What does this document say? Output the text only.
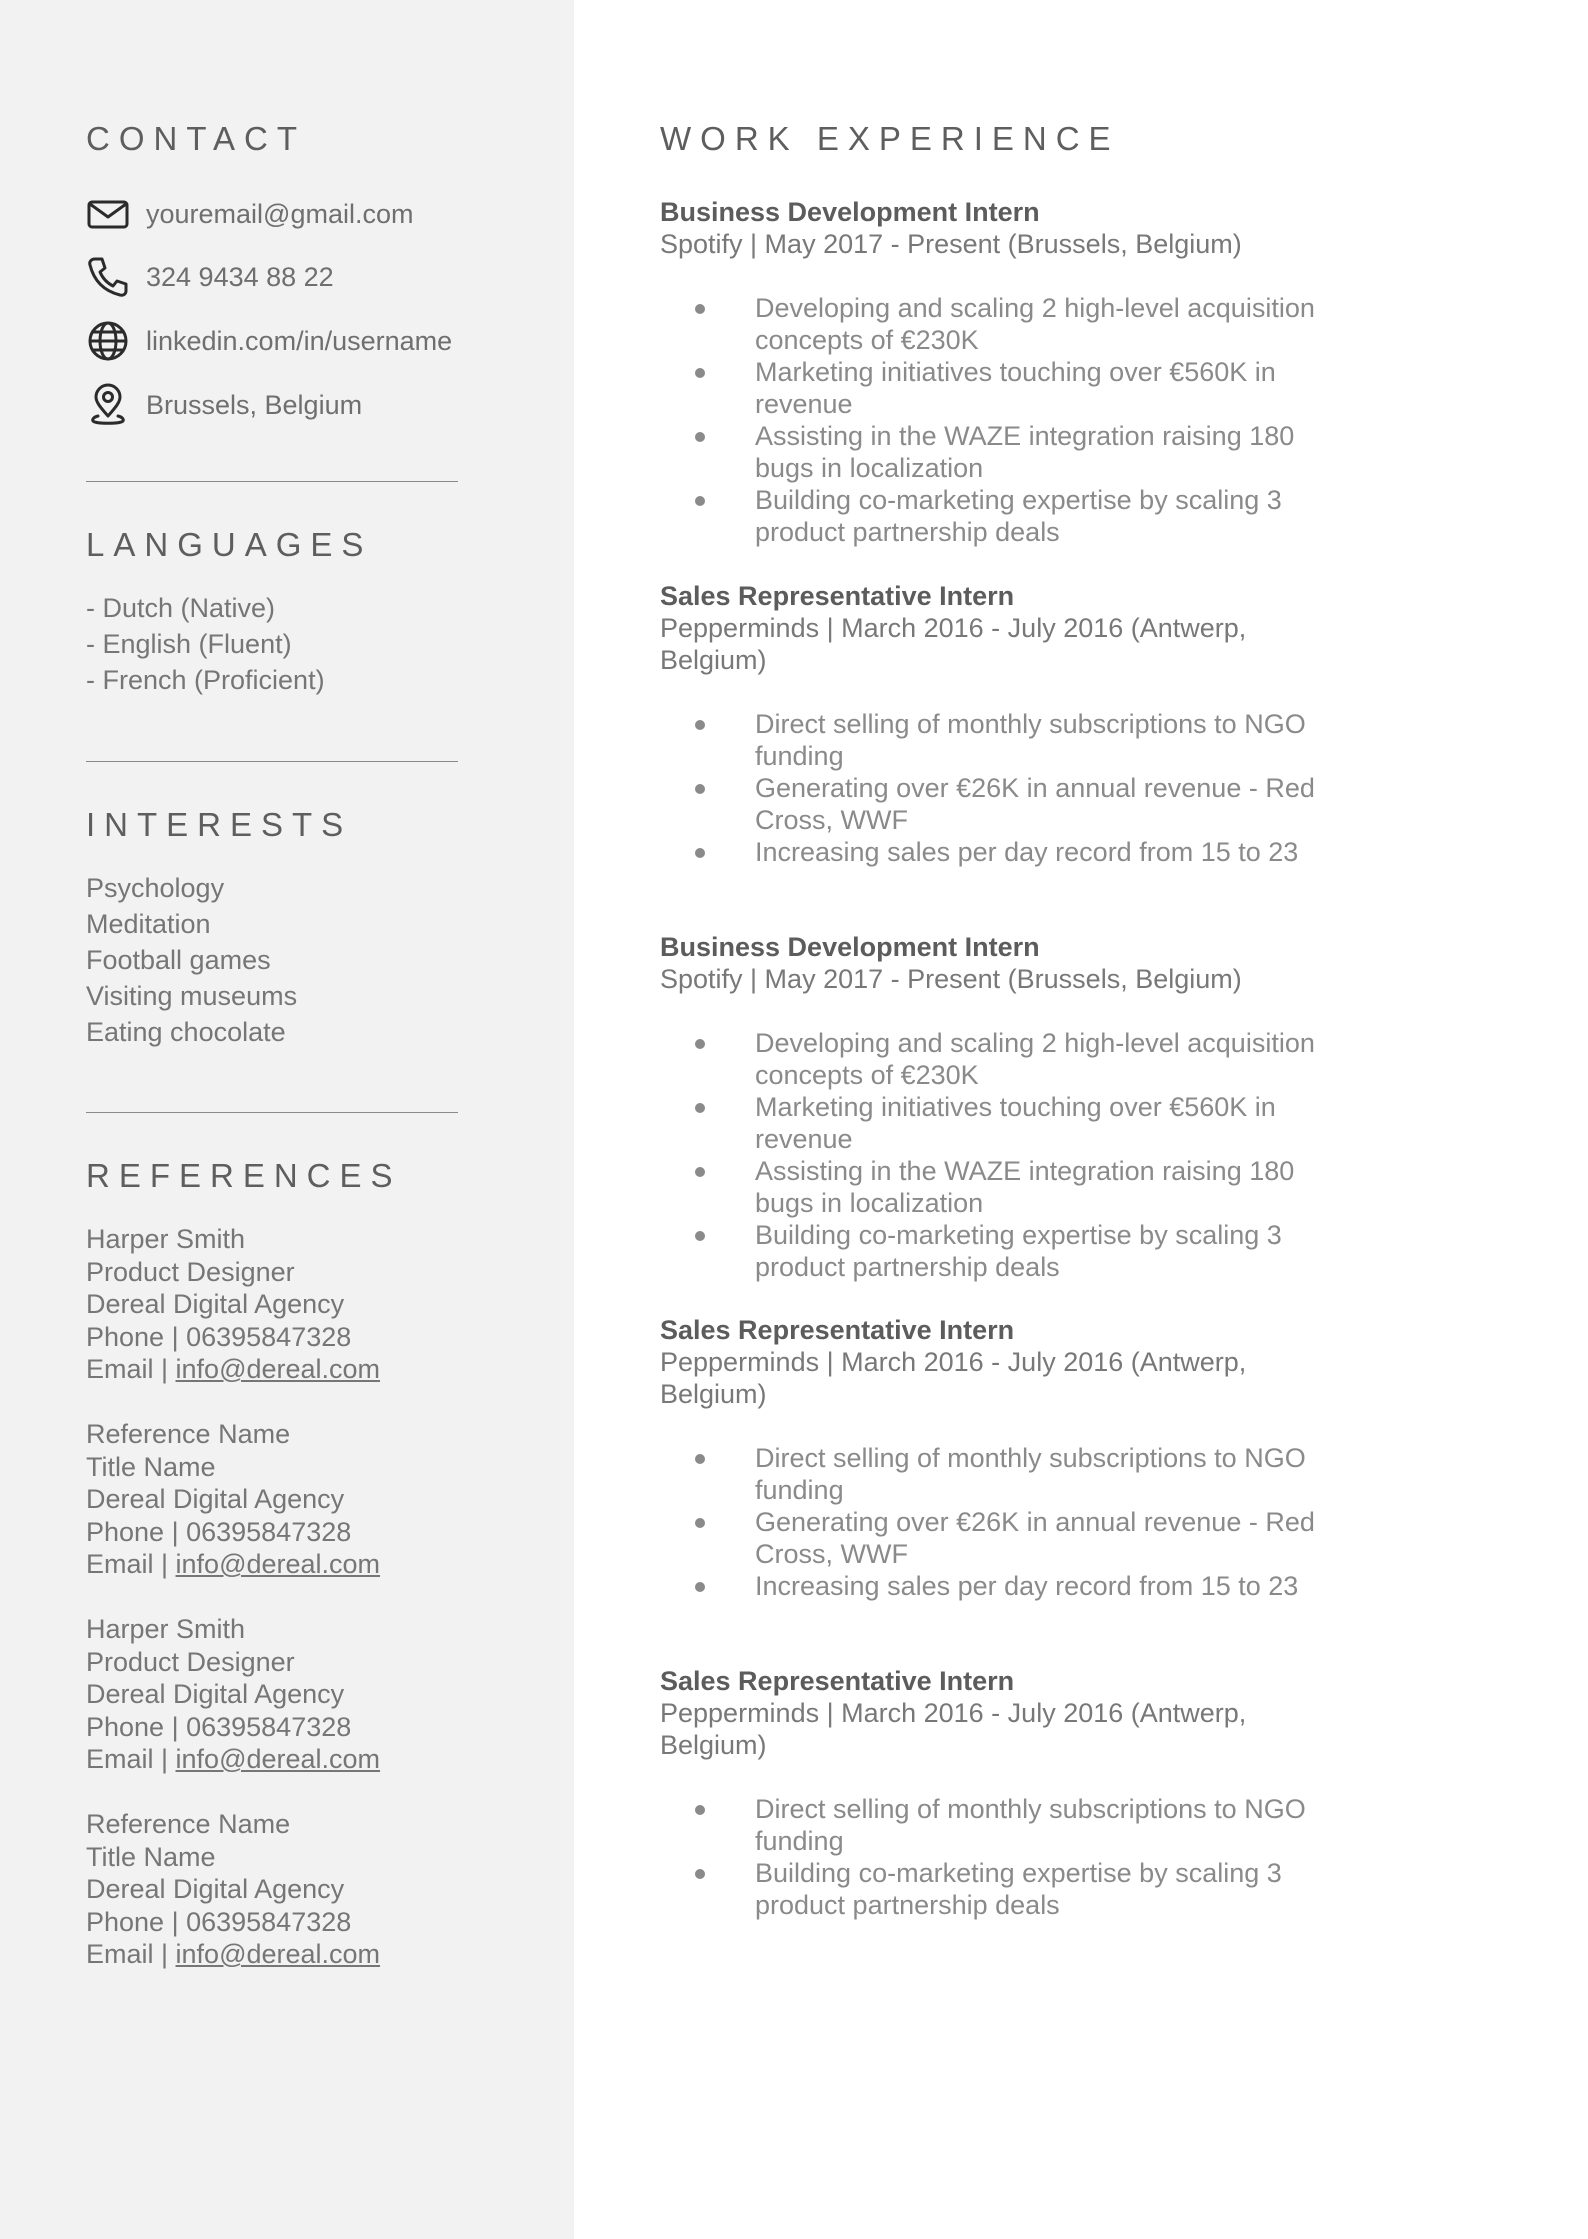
CONTACT
youremail@gmail.com
324 9434 88 22
linkedin.com/in/username
Brussels, Belgium
LANGUAGES
- Dutch (Native)
- English (Fluent)
- French (Proficient)
INTERESTS
Psychology
Meditation
Football games
Visiting museums
Eating chocolate
REFERENCES
Harper Smith
Product Designer
Dereal Digital Agency
Phone | 06395847328
Email | info@dereal.com
Reference Name
Title Name
Dereal Digital Agency
Phone | 06395847328
Email | info@dereal.com
Harper Smith
Product Designer
Dereal Digital Agency
Phone | 06395847328
Email | info@dereal.com
Reference Name
Title Name
Dereal Digital Agency
Phone | 06395847328
Email | info@dereal.com
WORK EXPERIENCE
Business Development Intern
Spotify | May 2017 - Present (Brussels, Belgium)
Developing and scaling 2 high-level acquisition concepts of €230K
Marketing initiatives touching over €560K in revenue
Assisting in the WAZE integration raising 180 bugs in localization
Building co-marketing expertise by scaling 3 product partnership deals
Sales Representative Intern
Pepperminds | March 2016 - July 2016 (Antwerp, Belgium)
Direct selling of monthly subscriptions to NGO funding
Generating over €26K in annual revenue - Red Cross, WWF
Increasing sales per day record from 15 to 23
Business Development Intern
Spotify | May 2017 - Present (Brussels, Belgium)
Developing and scaling 2 high-level acquisition concepts of €230K
Marketing initiatives touching over €560K in revenue
Assisting in the WAZE integration raising 180 bugs in localization
Building co-marketing expertise by scaling 3 product partnership deals
Sales Representative Intern
Pepperminds | March 2016 - July 2016 (Antwerp, Belgium)
Direct selling of monthly subscriptions to NGO funding
Generating over €26K in annual revenue - Red Cross, WWF
Increasing sales per day record from 15 to 23
Sales Representative Intern
Pepperminds | March 2016 - July 2016 (Antwerp, Belgium)
Direct selling of monthly subscriptions to NGO funding
Building co-marketing expertise by scaling 3 product partnership deals
